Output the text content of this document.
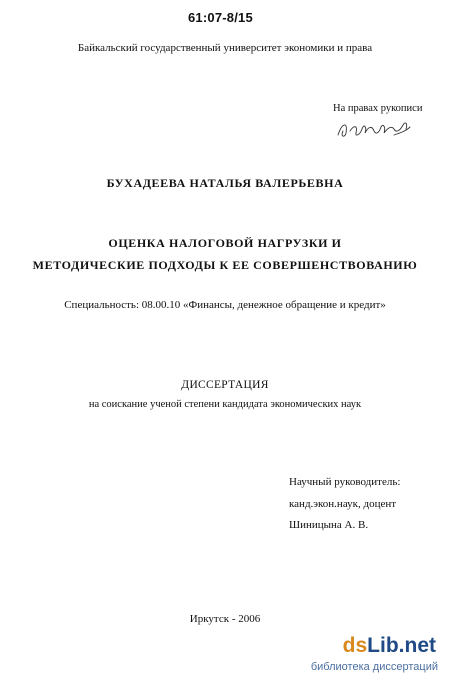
61:07-8/15
Байкальский государственный университет экономики и права
На правах рукописи
БУХАДЕЕВА НАТАЛЬЯ ВАЛЕРЬЕВНА
ОЦЕНКА НАЛОГОВОЙ НАГРУЗКИ И
МЕТОДИЧЕСКИЕ ПОДХОДЫ К ЕЕ СОВЕРШЕНСТВОВАНИЮ
Специальность: 08.00.10 «Финансы, денежное обращение и кредит»
ДИССЕРТАЦИЯ
на соискание ученой степени кандидата экономических наук
Научный руководитель:
канд.экон.наук, доцент
Шиницына А. В.
Иркутск - 2006
dsLib.net
библиотека диссертаций
